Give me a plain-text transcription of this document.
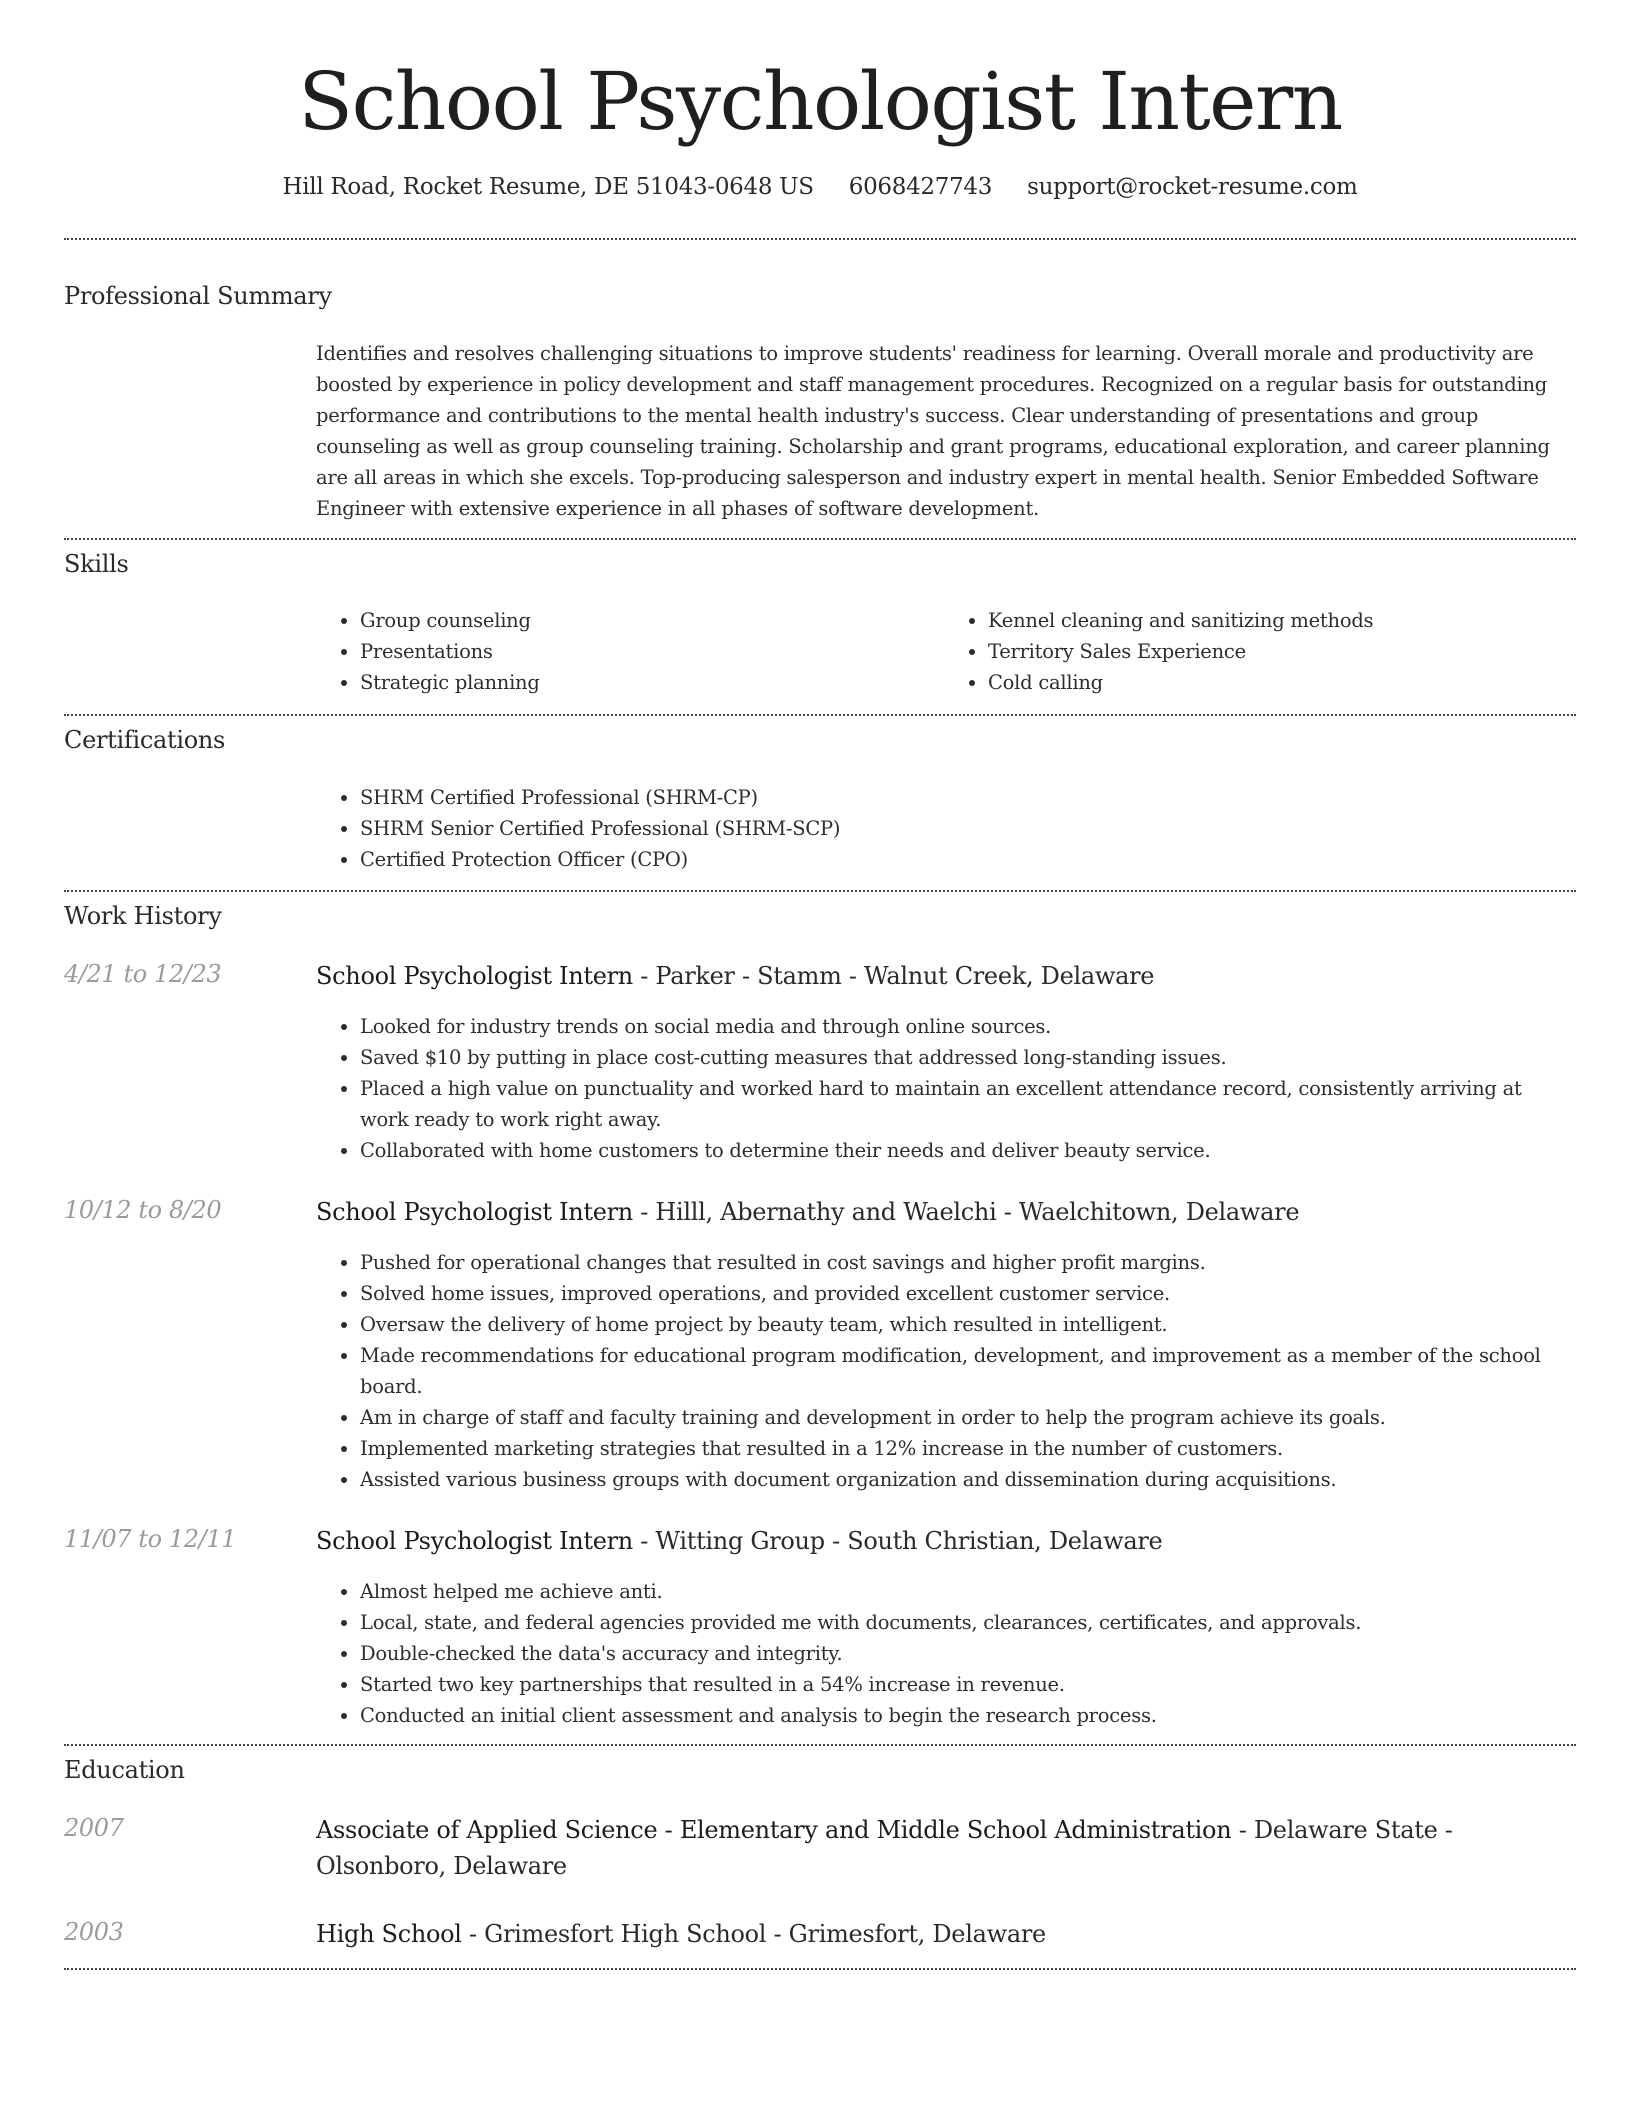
School Psychologist Intern
Hill Road, Rocket Resume, DE 51043-0648 US 6068427743 support@rocket-resume.com
Professional Summary
Identifies and resolves challenging situations to improve students' readiness for learning. Overall morale and productivity are boosted by experience in policy development and staff management procedures. Recognized on a regular basis for outstanding performance and contributions to the mental health industry's success. Clear understanding of presentations and group counseling as well as group counseling training. Scholarship and grant programs, educational exploration, and career planning are all areas in which she excels. Top-producing salesperson and industry expert in mental health. Senior Embedded Software Engineer with extensive experience in all phases of software development.
Skills
• Group counseling
• Presentations
• Strategic planning
• Kennel cleaning and sanitizing methods
• Territory Sales Experience
• Cold calling
Certifications
• SHRM Certified Professional (SHRM-CP)
• SHRM Senior Certified Professional (SHRM-SCP)
• Certified Protection Officer (CPO)
Work History
4/21 to 12/23	School Psychologist Intern - Parker - Stamm - Walnut Creek, Delaware
• Looked for industry trends on social media and through online sources.
• Saved $10 by putting in place cost-cutting measures that addressed long-standing issues.
• Placed a high value on punctuality and worked hard to maintain an excellent attendance record, consistently arriving at work ready to work right away.
• Collaborated with home customers to determine their needs and deliver beauty service.
10/12 to 8/20	School Psychologist Intern - Hilll, Abernathy and Waelchi - Waelchitown, Delaware
• Pushed for operational changes that resulted in cost savings and higher profit margins.
• Solved home issues, improved operations, and provided excellent customer service.
• Oversaw the delivery of home project by beauty team, which resulted in intelligent.
• Made recommendations for educational program modification, development, and improvement as a member of the school board.
• Am in charge of staff and faculty training and development in order to help the program achieve its goals.
• Implemented marketing strategies that resulted in a 12% increase in the number of customers.
• Assisted various business groups with document organization and dissemination during acquisitions.
11/07 to 12/11	School Psychologist Intern - Witting Group - South Christian, Delaware
• Almost helped me achieve anti.
• Local, state, and federal agencies provided me with documents, clearances, certificates, and approvals.
• Double-checked the data's accuracy and integrity.
• Started two key partnerships that resulted in a 54% increase in revenue.
• Conducted an initial client assessment and analysis to begin the research process.
Education
2007	Associate of Applied Science - Elementary and Middle School Administration - Delaware State - Olsonboro, Delaware
2003	High School - Grimesfort High School - Grimesfort, Delaware
